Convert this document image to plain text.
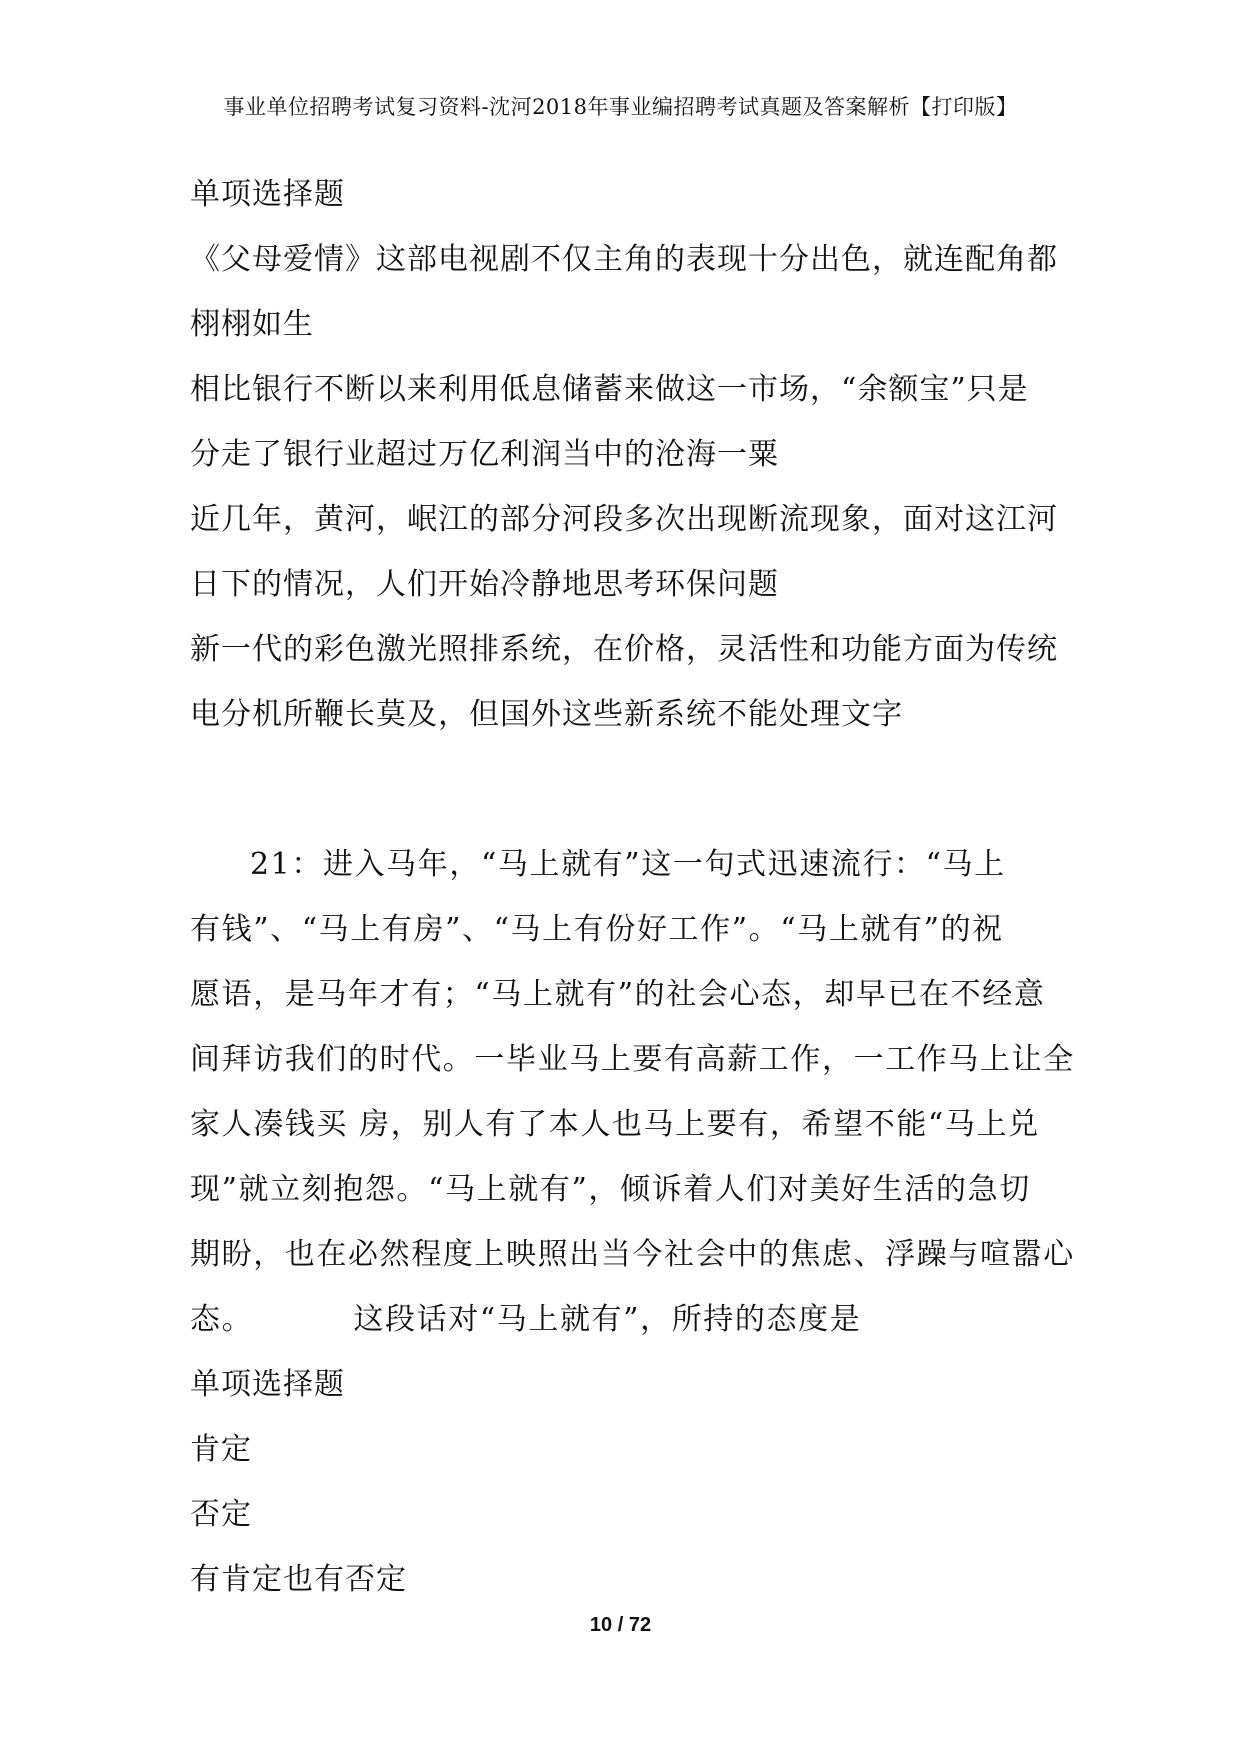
事业单位招聘考试复习资料-沈河2018年事业编招聘考试真题及答案解析【打印版】
单项选择题
《父母爱情》这部电视剧不仅主角的表现十分出色，就连配角都
栩栩如生
相比银行不断以来利用低息储蓄来做这一市场，“余额宝”只是
分走了银行业超过万亿利润当中的沧海一粟
近几年，黄河，岷江的部分河段多次出现断流现象，面对这江河
日下的情况，人们开始冷静地思考环保问题
新一代的彩色激光照排系统，在价格，灵活性和功能方面为传统
电分机所鞭长莫及，但国外这些新系统不能处理文字
21：进入马年，“马上就有”这一句式迅速流行：“马上
有钱”、“马上有房”、“马上有份好工作”。“马上就有”的祝
愿语，是马年才有；“马上就有”的社会心态，却早已在不经意
间拜访我们的时代。一毕业马上要有高薪工作，一工作马上让全
家人凑钱买 房，别人有了本人也马上要有，希望不能“马上兑
现”就立刻抱怨。“马上就有”，倾诉着人们对美好生活的急切
期盼，也在必然程度上映照出当今社会中的焦虑、浮躁与喧嚣心
态。         这段话对“马上就有”，所持的态度是
单项选择题
肯定
否定
有肯定也有否定
10 / 72
